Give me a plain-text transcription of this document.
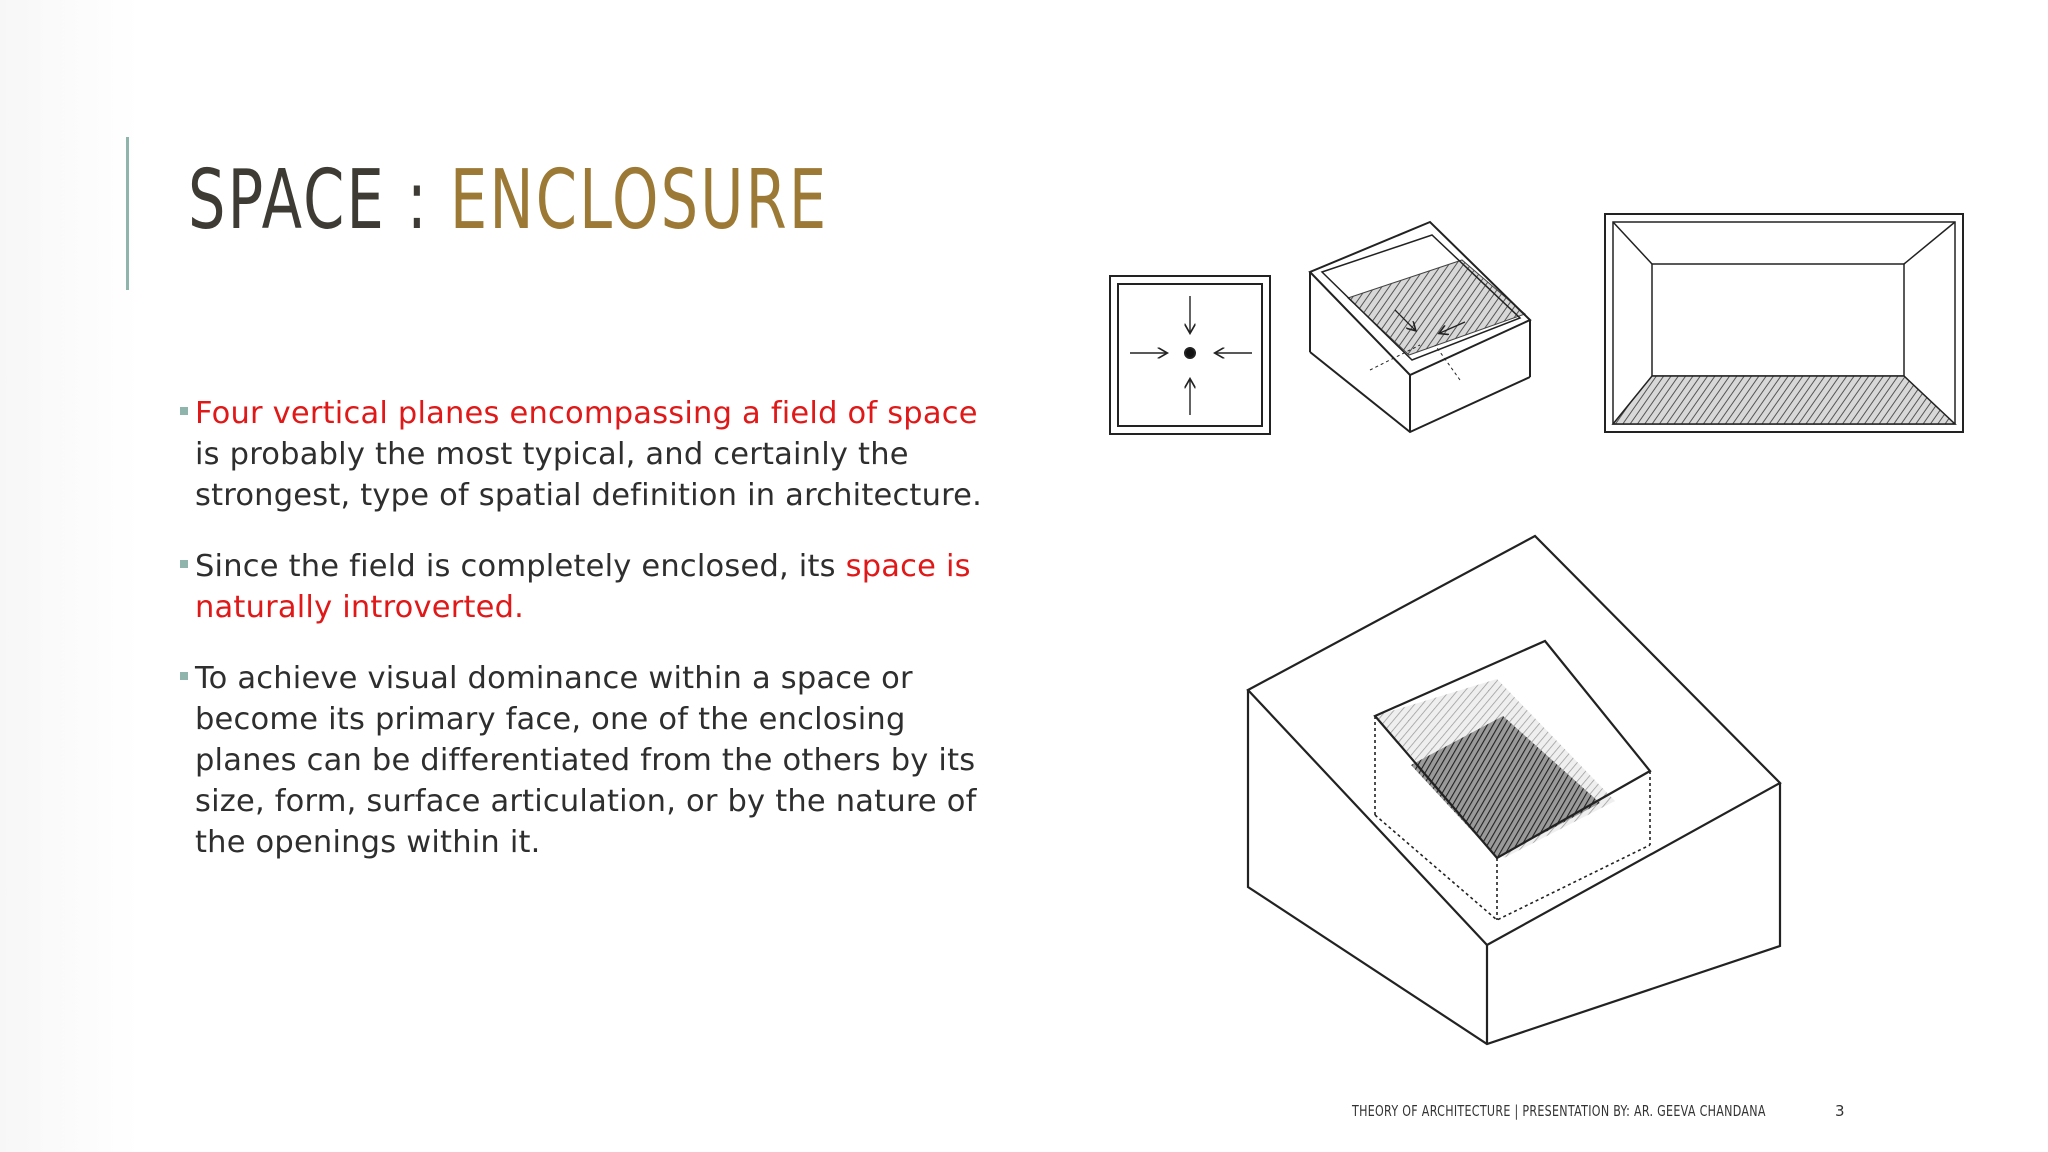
SPACE : ENCLOSURE
Four vertical planes encompassing a field of space is probably the most typical, and certainly the strongest, type of spatial definition in architecture.
Since the field is completely enclosed, its space is naturally introverted.
To achieve visual dominance within a space or become its primary face, one of the enclosing planes can be differentiated from the others by its size, form, surface articulation, or by the nature of the openings within it.
THEORY OF ARCHITECTURE | PRESENTATION BY: AR. GEEVA CHANDANA	3
